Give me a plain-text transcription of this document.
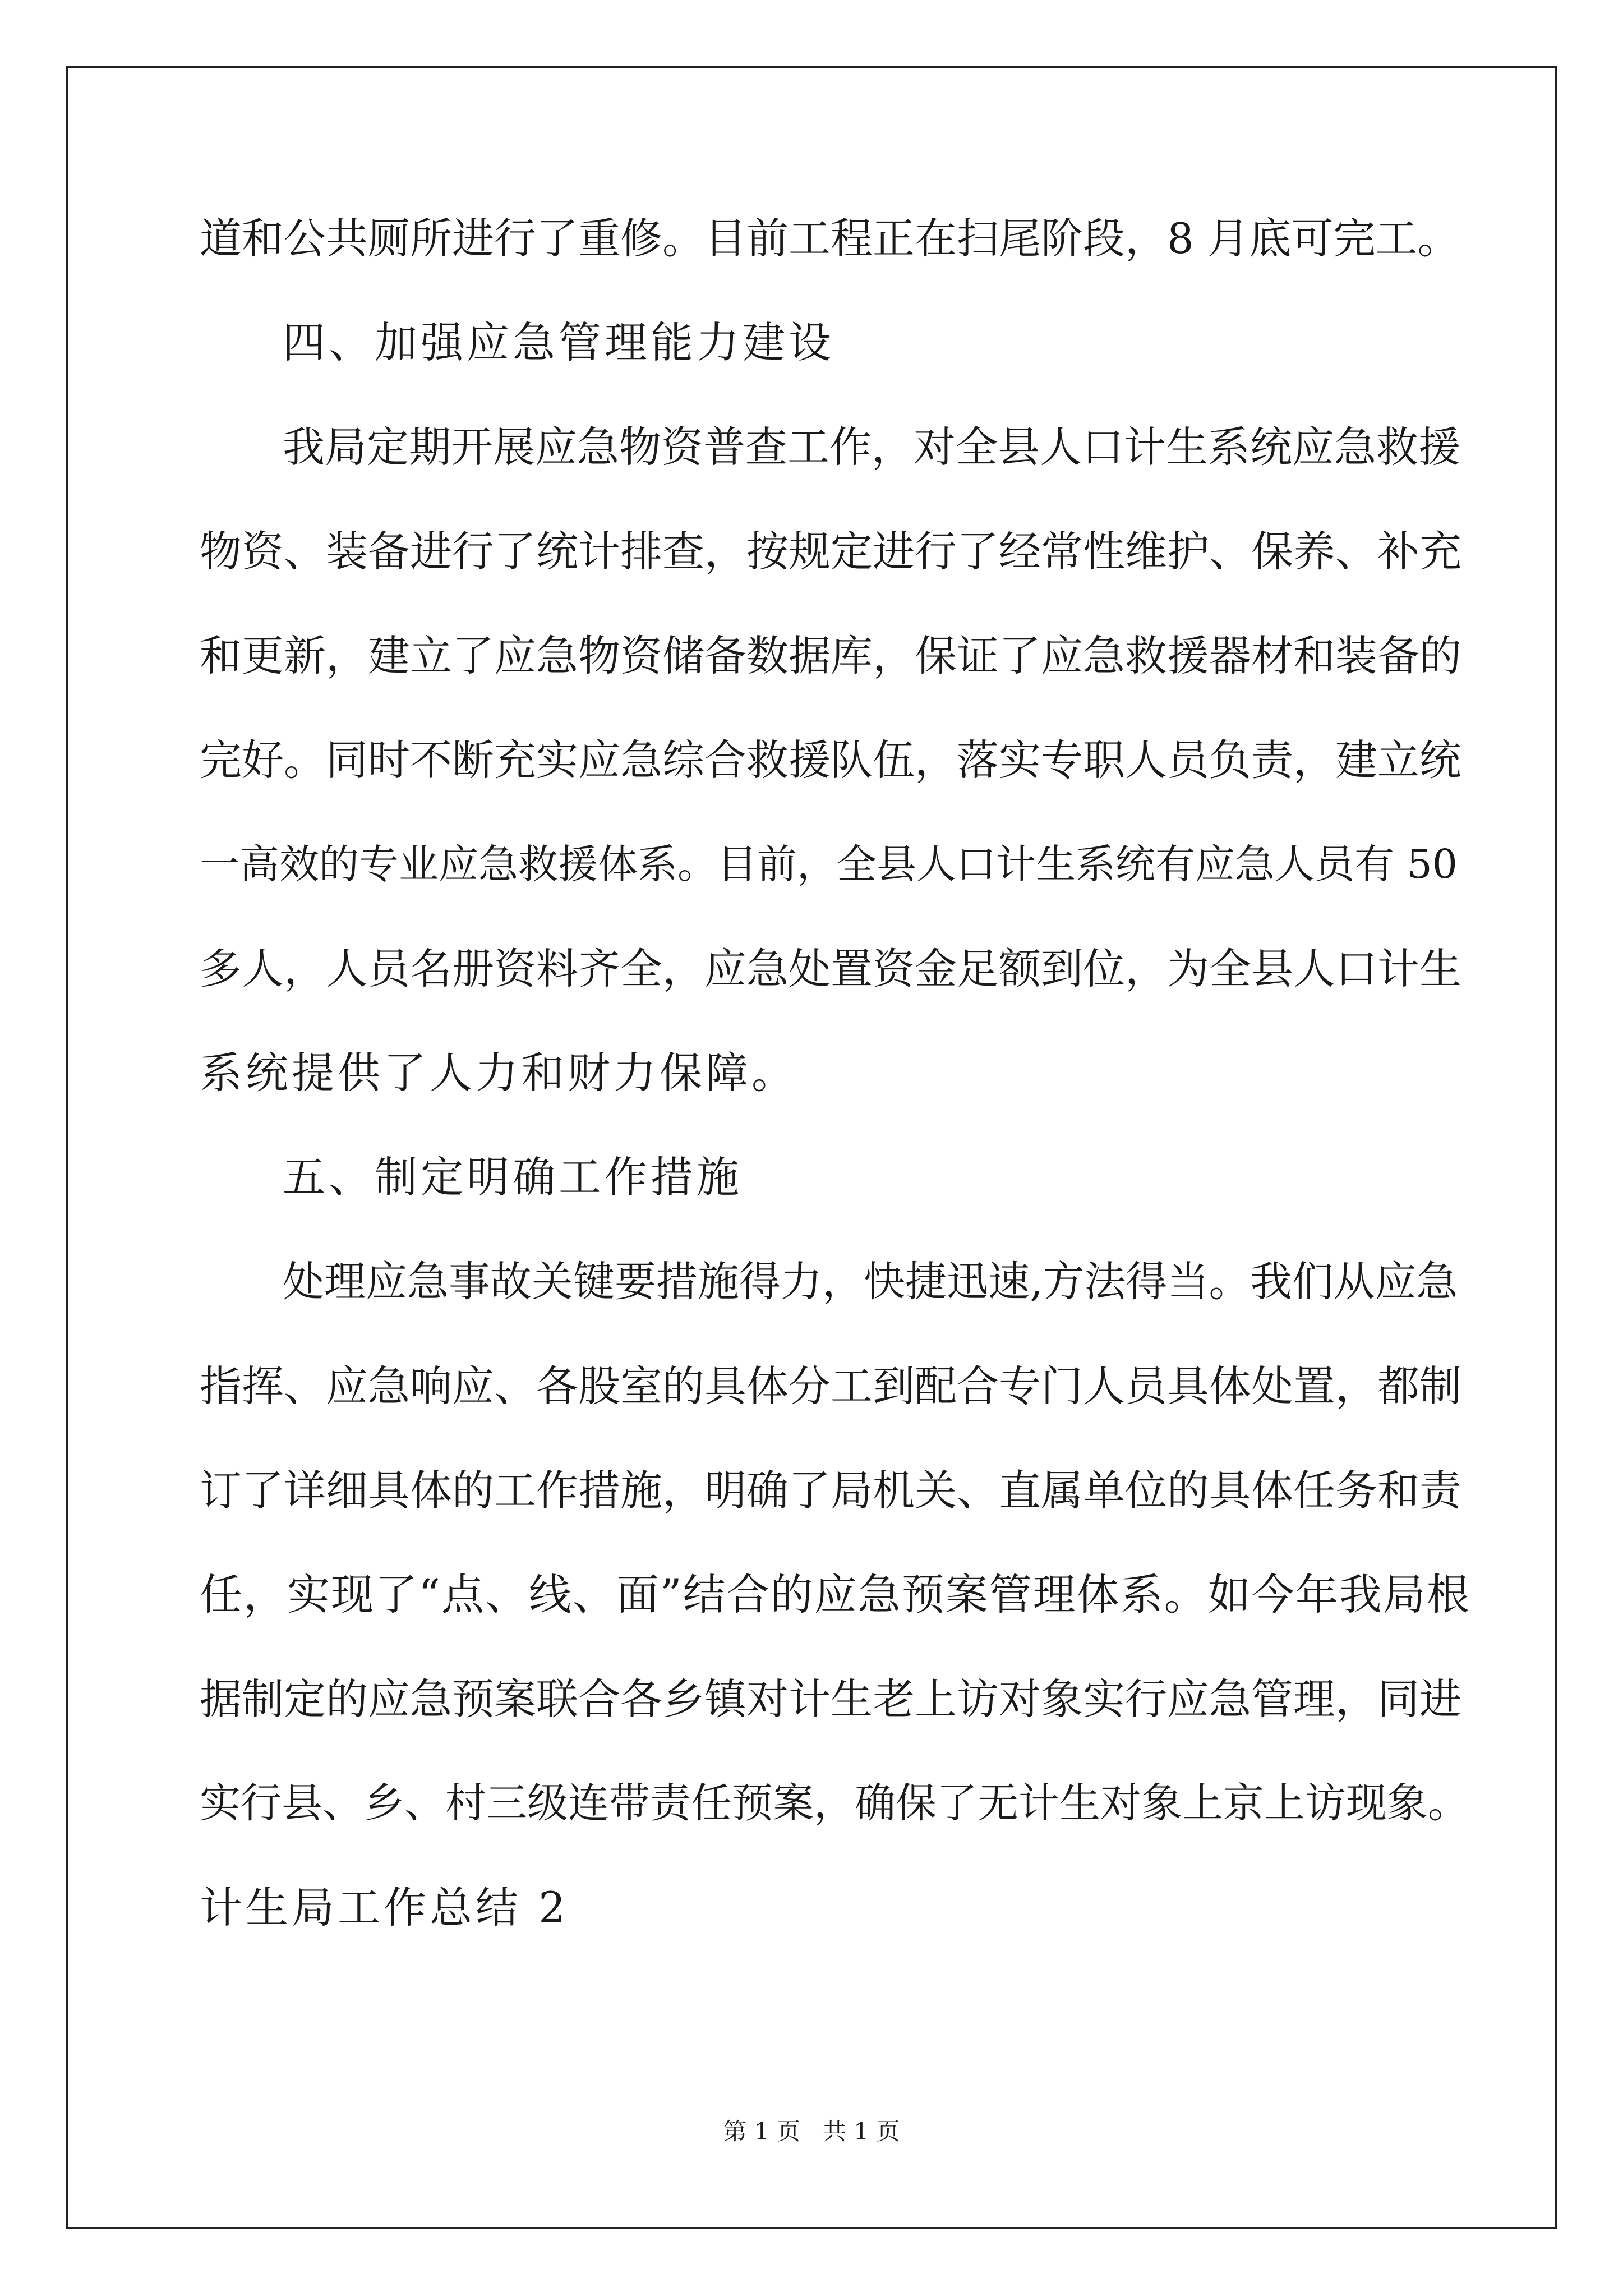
道和公共厕所进行了重修。目前工程正在扫尾阶段，8 月底可完工。
四、加强应急管理能力建设
我局定期开展应急物资普查工作，对全县人口计生系统应急救援
物资、装备进行了统计排查，按规定进行了经常性维护、保养、补充
和更新，建立了应急物资储备数据库，保证了应急救援器材和装备的
完好。同时不断充实应急综合救援队伍，落实专职人员负责，建立统
一高效的专业应急救援体系。目前，全县人口计生系统有应急人员有 50
多人，人员名册资料齐全，应急处置资金足额到位，为全县人口计生
系统提供了人力和财力保障。
五、制定明确工作措施
处理应急事故关键要措施得力，快捷迅速,方法得当。我们从应急
指挥、应急响应、各股室的具体分工到配合专门人员具体处置，都制
订了详细具体的工作措施，明确了局机关、直属单位的具体任务和责
任，实现了“点、线、面”结合的应急预案管理体系。如今年我局根
据制定的应急预案联合各乡镇对计生老上访对象实行应急管理，同进
实行县、乡、村三级连带责任预案，确保了无计生对象上京上访现象。
计生局工作总结 2
第 1 页   共 1 页
